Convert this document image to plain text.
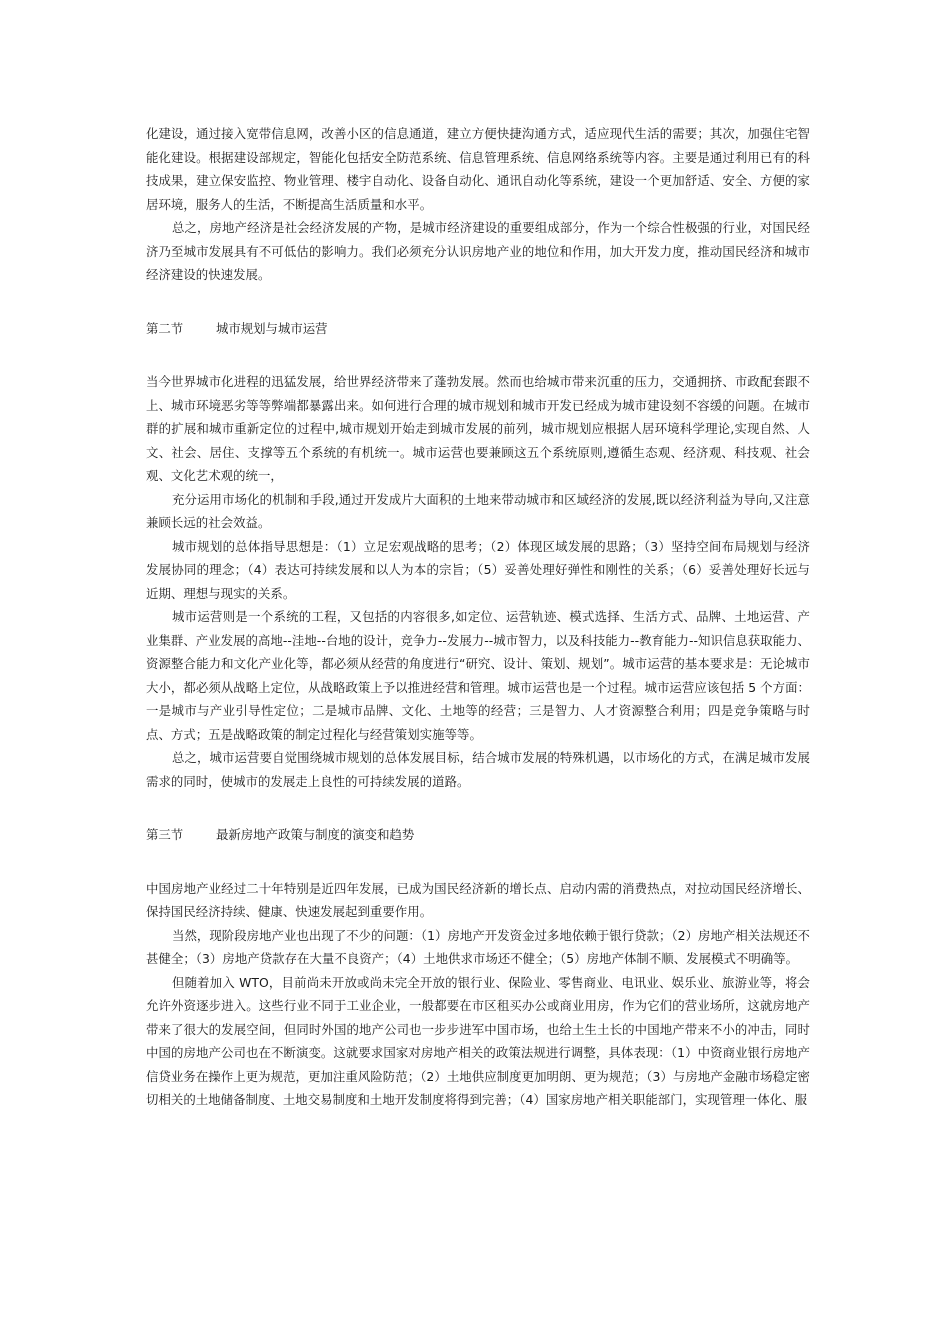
化建设，通过接入宽带信息网，改善小区的信息通道，建立方便快捷沟通方式，适应现代生活的需要；其次，加强住宅智能化建设。根据建设部规定，智能化包括安全防范系统、信息管理系统、信息网络系统等内容。主要是通过利用已有的科技成果，建立保安监控、物业管理、楼宇自动化、设备自动化、通讯自动化等系统，建设一个更加舒适、安全、方便的家居环境，服务人的生活，不断提高生活质量和水平。

总之，房地产经济是社会经济发展的产物，是城市经济建设的重要组成部分，作为一个综合性极强的行业，对国民经济乃至城市发展具有不可低估的影响力。我们必须充分认识房地产业的地位和作用，加大开发力度，推动国民经济和城市经济建设的快速发展。

第二节	城市规划与城市运营

当今世界城市化进程的迅猛发展，给世界经济带来了蓬勃发展。然而也给城市带来沉重的压力，交通拥挤、市政配套跟不上、城市环境恶劣等等弊端都暴露出来。如何进行合理的城市规划和城市开发已经成为城市建设刻不容缓的问题。在城市群的扩展和城市重新定位的过程中,城市规划开始走到城市发展的前列，城市规划应根据人居环境科学理论,实现自然、人文、社会、居住、支撑等五个系统的有机统一。城市运营也要兼顾这五个系统原则,遵循生态观、经济观、科技观、社会观、文化艺术观的统一，

充分运用市场化的机制和手段,通过开发成片大面积的土地来带动城市和区域经济的发展,既以经济利益为导向,又注意兼顾长远的社会效益。

城市规划的总体指导思想是：（1）立足宏观战略的思考；（2）体现区域发展的思路；（3）坚持空间布局规划与经济发展协同的理念；（4）表达可持续发展和以人为本的宗旨；（5）妥善处理好弹性和刚性的关系；（6）妥善处理好长远与近期、理想与现实的关系。

城市运营则是一个系统的工程，又包括的内容很多,如定位、运营轨迹、模式选择、生活方式、品牌、土地运营、产业集群、产业发展的高地--洼地--台地的设计，竞争力--发展力--城市智力，以及科技能力--教育能力--知识信息获取能力、资源整合能力和文化产业化等，都必须从经营的角度进行“研究、设计、策划、规划”。城市运营的基本要求是：无论城市大小，都必须从战略上定位，从战略政策上予以推进经营和管理。城市运营也是一个过程。城市运营应该包括 5 个方面：一是城市与产业引导性定位；二是城市品牌、文化、土地等的经营；三是智力、人才资源整合利用；四是竞争策略与时点、方式；五是战略政策的制定过程化与经营策划实施等等。

总之，城市运营要自觉围绕城市规划的总体发展目标，结合城市发展的特殊机遇，以市场化的方式，在满足城市发展需求的同时，使城市的发展走上良性的可持续发展的道路。

第三节	最新房地产政策与制度的演变和趋势

中国房地产业经过二十年特别是近四年发展，已成为国民经济新的增长点、启动内需的消费热点，对拉动国民经济增长、保持国民经济持续、健康、快速发展起到重要作用。

当然，现阶段房地产业也出现了不少的问题：（1）房地产开发资金过多地依赖于银行贷款；（2）房地产相关法规还不甚健全；（3）房地产贷款存在大量不良资产；（4）土地供求市场还不健全；（5）房地产体制不顺、发展模式不明确等。

但随着加入 WTO，目前尚未开放或尚未完全开放的银行业、保险业、零售商业、电讯业、娱乐业、旅游业等，将会允许外资逐步进入。这些行业不同于工业企业，一般都要在市区租买办公或商业用房，作为它们的营业场所，这就房地产带来了很大的发展空间，但同时外国的地产公司也一步步进军中国市场，也给土生土长的中国地产带来不小的冲击，同时中国的房地产公司也在不断演变。这就要求国家对房地产相关的政策法规进行调整，具体表现：（1）中资商业银行房地产信贷业务在操作上更为规范，更加注重风险防范；（2）土地供应制度更加明朗、更为规范；（3）与房地产金融市场稳定密切相关的土地储备制度、土地交易制度和土地开发制度将得到完善；（4）国家房地产相关职能部门，实现管理一体化、服
